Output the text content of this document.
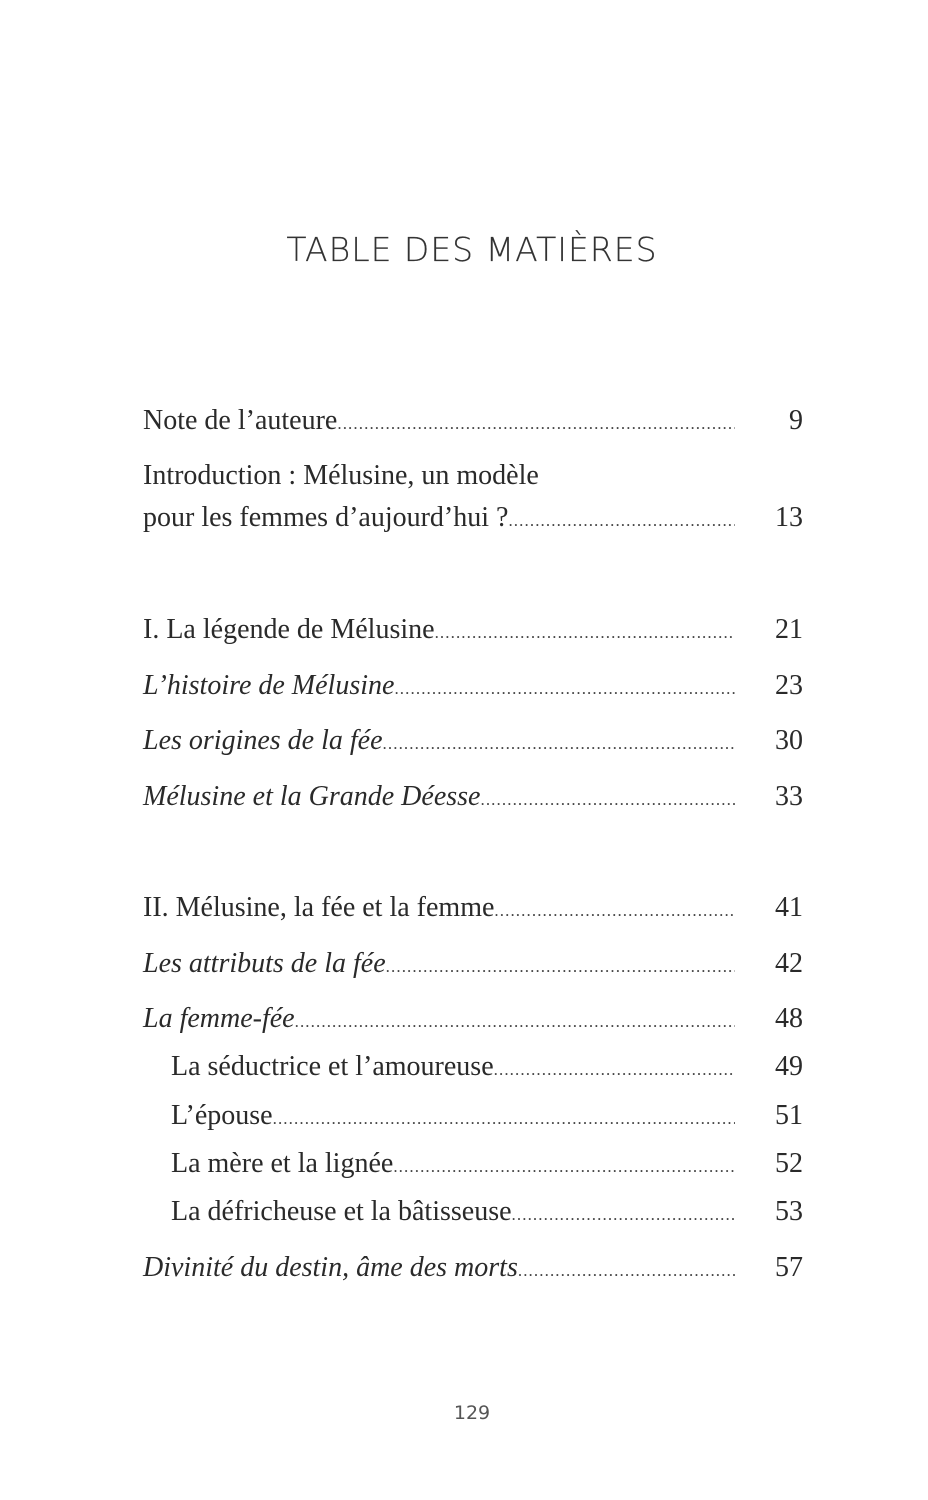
TABLE DES MATIÈRES
Note de l’auteure .....	9
Introduction : Mélusine, un modèle
pour les femmes d’aujourd’hui ? .....	13
I. La légende de Mélusine .....	21
L’histoire de Mélusine .....	23
Les origines de la fée .....	30
Mélusine et la Grande Déesse .....	33
II. Mélusine, la fée et la femme .....	41
Les attributs de la fée .....	42
La femme-fée .....	48
La séductrice et l’amoureuse .....	49
L’épouse .....	51
La mère et la lignée .....	52
La défricheuse et la bâtisseuse .....	53
Divinité du destin, âme des morts .....	57
129
